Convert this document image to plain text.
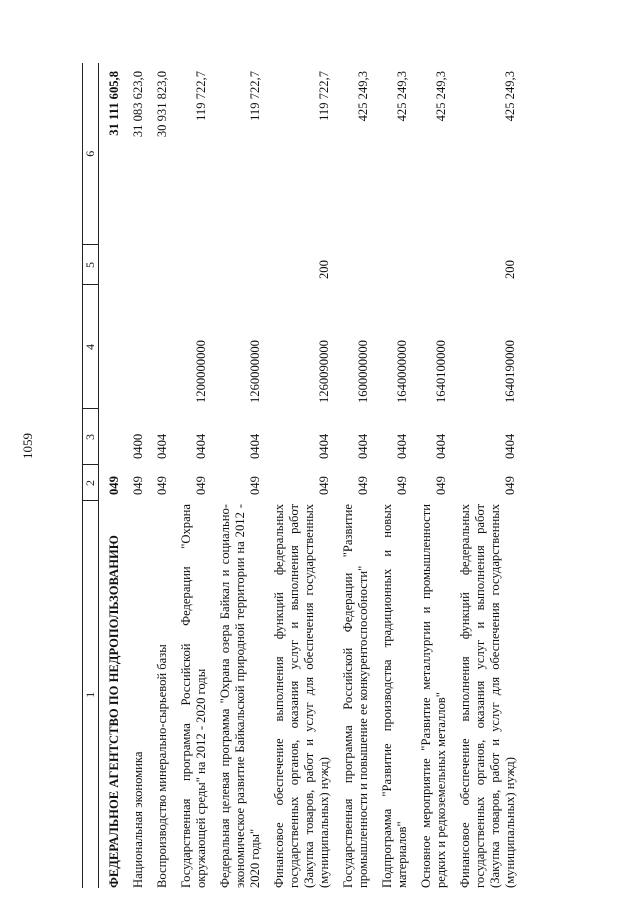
1059
1	2	3	4	5	6
ФЕДЕРАЛЬНОЕ АГЕНТСТВО ПО НЕДРОПОЛЬЗОВАНИЮ	049				31 111 605,8
Национальная экономика	049	0400			31 083 623,0
Воспроизводство минерально-сырьевой базы	049	0404			30 931 823,0
Государственная программа Российской Федерации "Охрана окружающей среды" на 2012 - 2020 годы	049	0404	1200000000		119 722,7
Федеральная целевая программа "Охрана озера Байкал и социально-экономическое развитие Байкальской природной территории на 2012 - 2020 годы"	049	0404	1260000000		119 722,7
Финансовое обеспечение выполнения функций федеральных государственных органов, оказания услуг и выполнения работ (Закупка товаров, работ и услуг для обеспечения государственных (муниципальных) нужд)	049	0404	1260090000	200	119 722,7
Государственная программа Российской Федерации "Развитие промышленности и повышение ее конкурентоспособности"	049	0404	1600000000		425 249,3
Подпрограмма "Развитие производства традиционных и новых материалов"	049	0404	1640000000		425 249,3
Основное мероприятие "Развитие металлургии и промышленности редких и редкоземельных металлов"	049	0404	1640100000		425 249,3
Финансовое обеспечение выполнения функций федеральных государственных органов, оказания услуг и выполнения работ (Закупка товаров, работ и услуг для обеспечения государственных (муниципальных) нужд)	049	0404	1640190000	200	425 249,3
